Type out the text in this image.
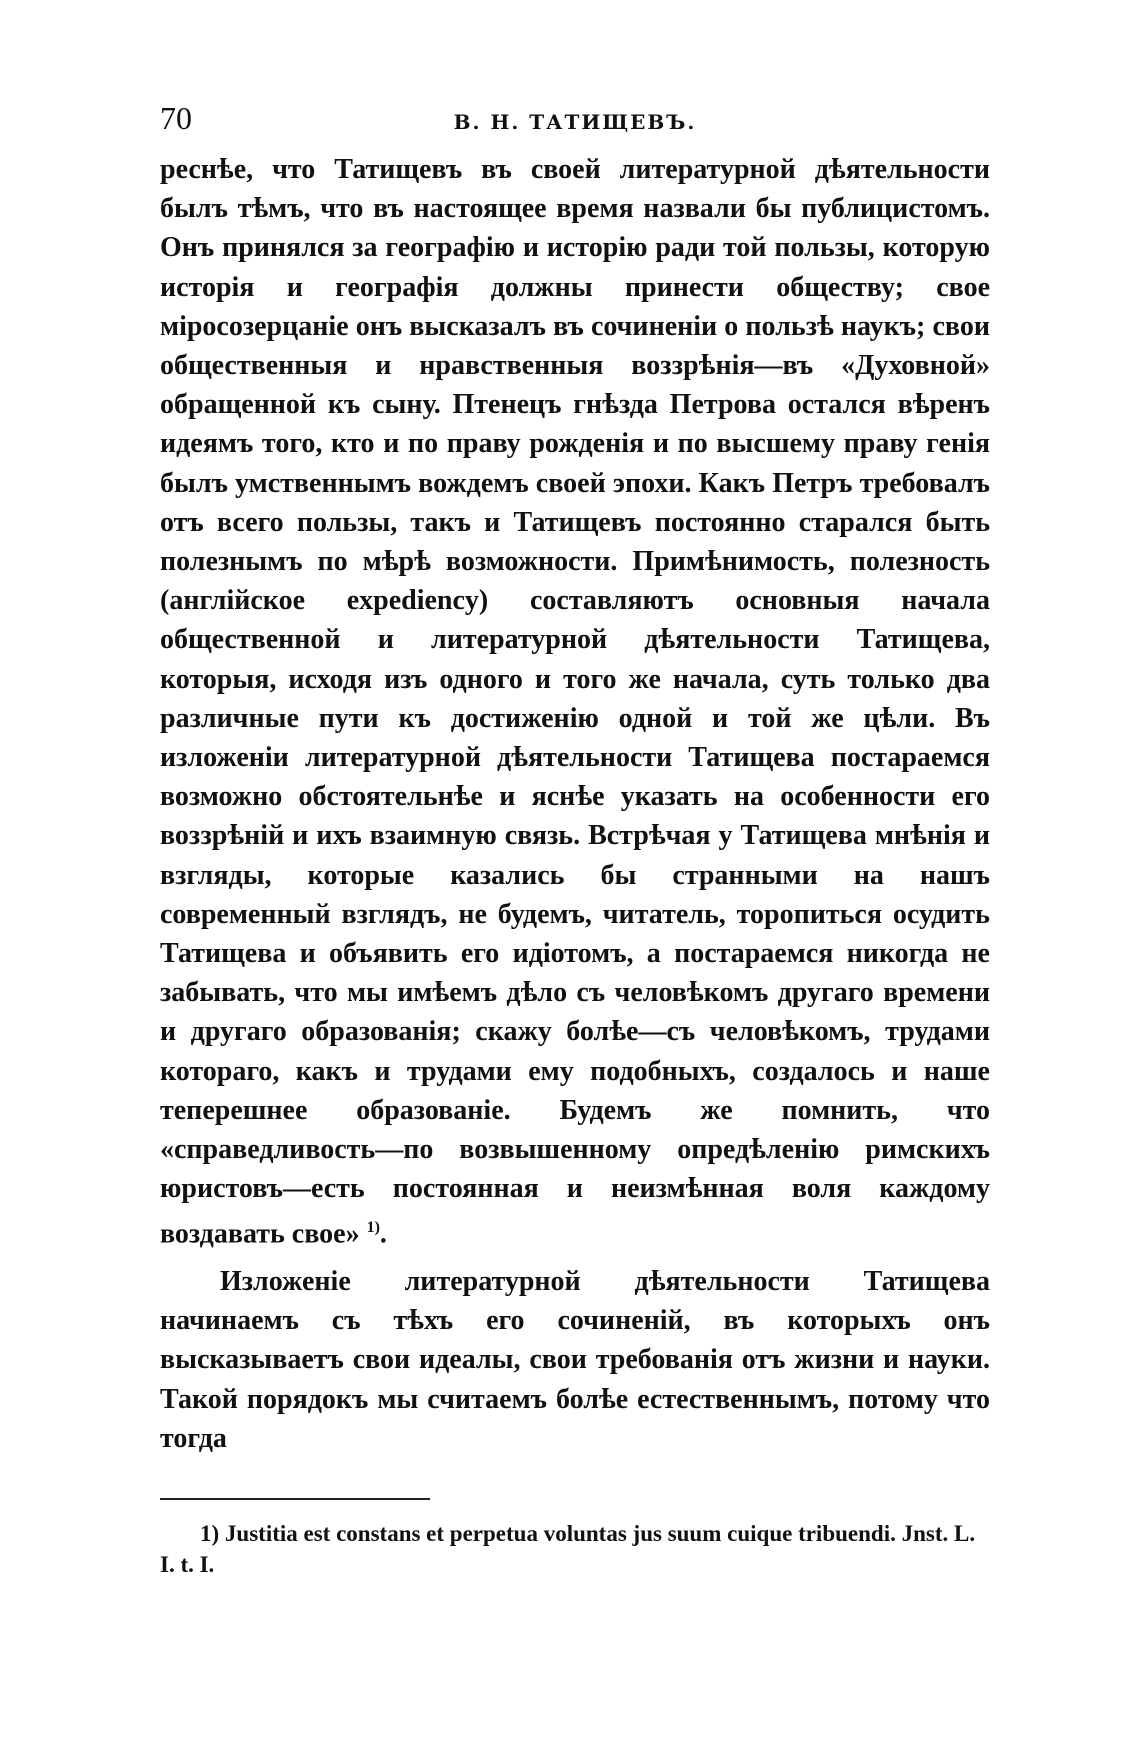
70	В. Н. ТАТИЩЕВЪ.

реснѣе, что Татищевъ въ своей литературной дѣятельности былъ тѣмъ, что въ настоящее время назвали бы публицистомъ. Онъ принялся за географію и исторію ради той пользы, которую исторія и географія должны принести обществу; свое міросозерцаніе онъ высказалъ въ сочиненіи о пользѣ наукъ; свои общественныя и нравственныя воззрѣнія—въ «Духовной» обращенной къ сыну. Птенецъ гнѣзда Петрова остался вѣренъ идеямъ того, кто и по праву рожденія и по высшему праву генія былъ умственнымъ вождемъ своей эпохи. Какъ Петръ требовалъ отъ всего пользы, такъ и Татищевъ постоянно старался быть полезнымъ по мѣрѣ возможности. Примѣнимость, полезность (англійское expediency) составляютъ основныя начала общественной и литературной дѣятельности Татищева, которыя, исходя изъ одного и того же начала, суть только два различные пути къ достиженію одной и той же цѣли. Въ изложеніи литературной дѣятельности Татищева постараемся возможно обстоятельнѣе и яснѣе указать на особенности его воззрѣній и ихъ взаимную связь. Встрѣчая у Татищева мнѣнія и взгляды, которые казались бы странными на нашъ современный взглядъ, не будемъ, читатель, торопиться осудить Татищева и объявить его идіотомъ, а постараемся никогда не забывать, что мы имѣемъ дѣло съ человѣкомъ другаго времени и другаго образованія; скажу болѣе—съ человѣкомъ, трудами котораго, какъ и трудами ему подобныхъ, создалось и наше теперешнее образованіе. Будемъ же помнить, что «справедливость—по возвышенному опредѣленію римскихъ юристовъ—есть постоянная и неизмѣнная воля каждому воздавать свое» $^{1)}$.

Изложеніе литературной дѣятельности Татищева начинаемъ съ тѣхъ его сочиненій, въ которыхъ онъ высказываетъ свои идеалы, свои требованія отъ жизни и науки. Такой порядокъ мы считаемъ болѣе естественнымъ, потому что тогда

1) Justitia est constans et perpetua voluntas jus suum cuique tribuendi. Jnst. L. I. t. I.
